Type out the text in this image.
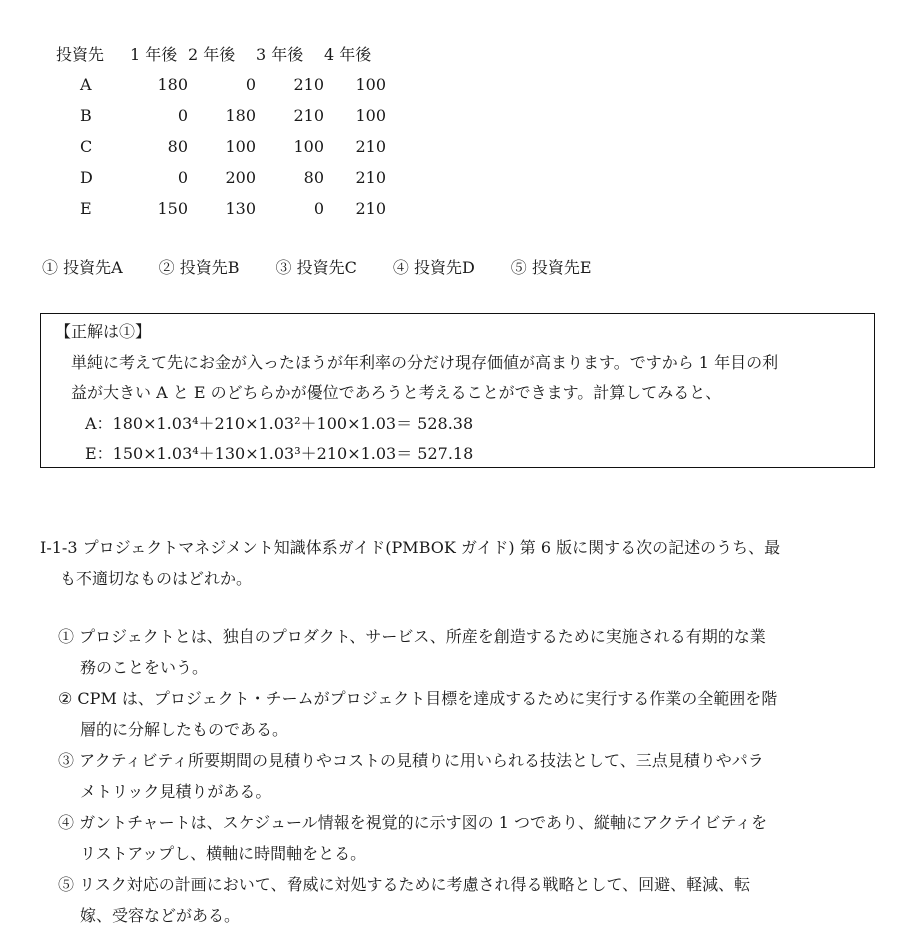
投資先	1 年後	2 年後	3 年後	4 年後
A	180	0	210	100
B	0	180	210	100
C	80	100	100	210
D	0	200	80	210
E	150	130	0	210
① 投資先A ② 投資先B ③ 投資先C ④ 投資先D ⑤ 投資先E
【正解は①】
単純に考えて先にお金が入ったほうが年利率の分だけ現存価値が高まります。ですから 1 年目の利
益が大きい A と E のどちらかが優位であろうと考えることができます。計算してみると、
A：180×1.03⁴＋210×1.03²＋100×1.03＝ 528.38
E：150×1.03⁴＋130×1.03³＋210×1.03＝ 527.18
I-1-3 プロジェクトマネジメント知識体系ガイド(PMBOK ガイド) 第 6 版に関する次の記述のうち、最
も不適切なものはどれか。
① プロジェクトとは、独自のプロダクト、サービス、所産を創造するために実施される有期的な業
務のことをいう。
② CPM は、プロジェクト・チームがプロジェクト目標を達成するために実行する作業の全範囲を階
層的に分解したものである。
③ アクティビティ所要期間の見積りやコストの見積りに用いられる技法として、三点見積りやパラ
メトリック見積りがある。
④ ガントチャートは、スケジュール情報を視覚的に示す図の 1 つであり、縦軸にアクテイビティを
リストアップし、横軸に時間軸をとる。
⑤ リスク対応の計画において、脅威に対処するために考慮され得る戦略として、回避、軽減、転
嫁、受容などがある。
